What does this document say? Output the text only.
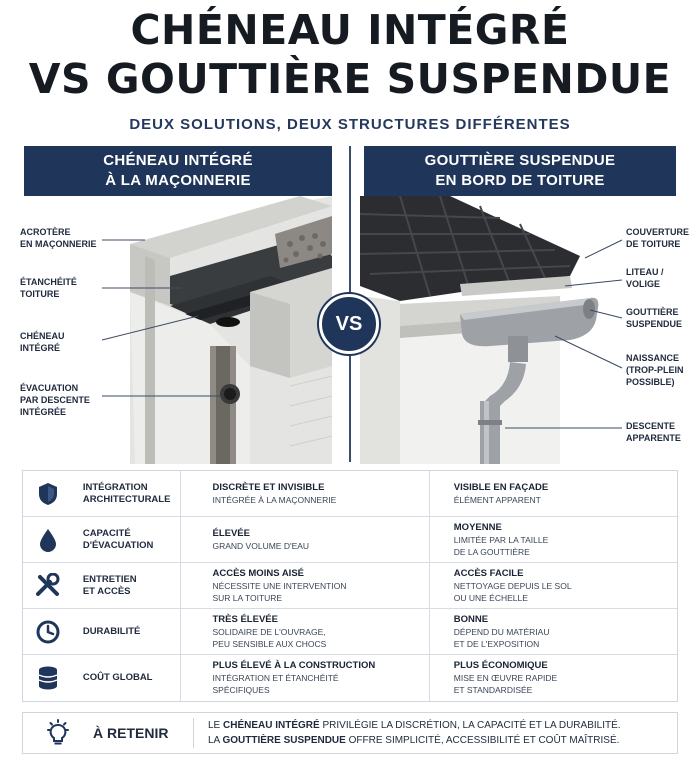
CHÉNEAU INTÉGRÉ
VS GOUTTIÈRE SUSPENDUE
DEUX SOLUTIONS, DEUX STRUCTURES DIFFÉRENTES
CHÉNEAU INTÉGRÉ
À LA MAÇONNERIE
GOUTTIÈRE SUSPENDUE
EN BORD DE TOITURE
ACROTÈRE
EN MAÇONNERIE
ÉTANCHÉITÉ
TOITURE
CHÉNEAU
INTÉGRÉ
ÉVACUATION
PAR DESCENTE
INTÉGRÉE
COUVERTURE
DE TOITURE
LITEAU /
VOLIGE
GOUTTIÈRE
SUSPENDUE
NAISSANCE
(TROP-PLEIN
POSSIBLE)
DESCENTE
APPARENTE
VS
INTÉGRATION
ARCHITECTURALE
DISCRÈTE ET INVISIBLE
INTÉGRÉE À LA MAÇONNERIE
VISIBLE EN FAÇADE
ÉLÉMENT APPARENT
CAPACITÉ
D'ÉVACUATION
ÉLEVÉE
GRAND VOLUME D'EAU
MOYENNE
LIMITÉE PAR LA TAILLE
DE LA GOUTTIÈRE
ENTRETIEN
ET ACCÈS
ACCÈS MOINS AISÉ
NÉCESSITE UNE INTERVENTION
SUR LA TOITURE
ACCÈS FACILE
NETTOYAGE DEPUIS LE SOL
OU UNE ÉCHELLE
DURABILITÉ
TRÈS ÉLEVÉE
SOLIDAIRE DE L'OUVRAGE,
PEU SENSIBLE AUX CHOCS
BONNE
DÉPEND DU MATÉRIAU
ET DE L'EXPOSITION
COÛT GLOBAL
PLUS ÉLEVÉ À LA CONSTRUCTION
INTÉGRATION ET ÉTANCHÉITÉ
SPÉCIFIQUES
PLUS ÉCONOMIQUE
MISE EN ŒUVRE RAPIDE
ET STANDARDISÉE
À RETENIR	LE CHÉNEAU INTÉGRÉ PRIVILÉGIE LA DISCRÉTION, LA CAPACITÉ ET LA DURABILITÉ.
LA GOUTTIÈRE SUSPENDUE OFFRE SIMPLICITÉ, ACCESSIBILITÉ ET COÛT MAÎTRISÉ.
